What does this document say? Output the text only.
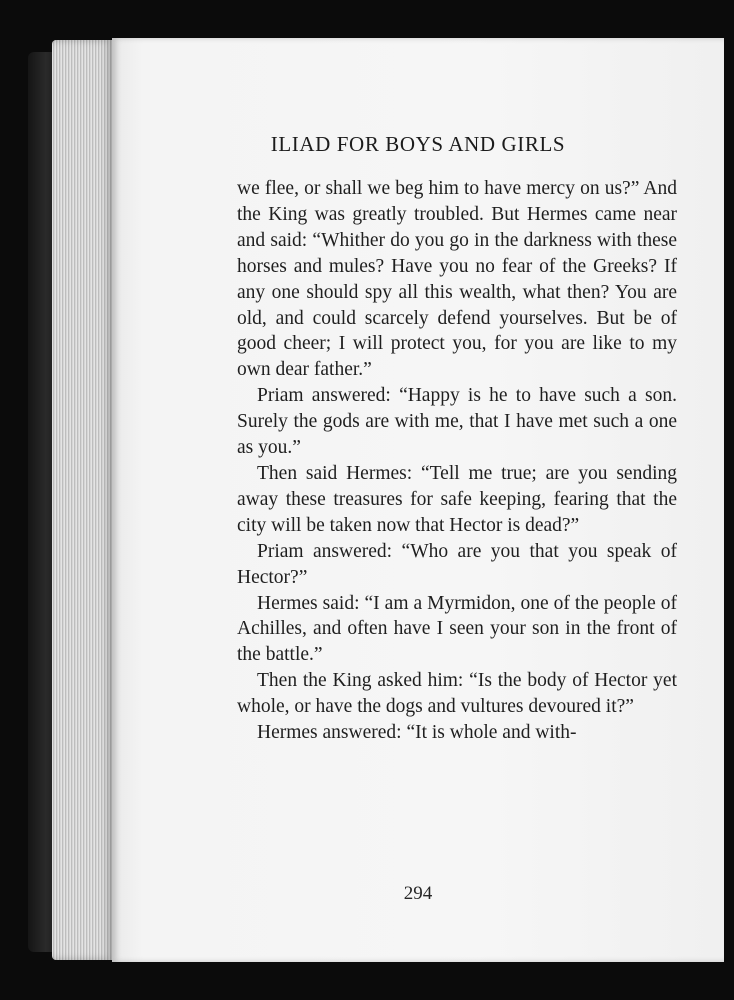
ILIAD FOR BOYS AND GIRLS

we flee, or shall we beg him to have mercy on us?” And the King was greatly troubled. But Hermes came near and said: “Whither do you go in the darkness with these horses and mules? Have you no fear of the Greeks? If any one should spy all this wealth, what then? You are old, and could scarcely defend yourselves. But be of good cheer; I will protect you, for you are like to my own dear father.”

Priam answered: “Happy is he to have such a son. Surely the gods are with me, that I have met such a one as you.”

Then said Hermes: “Tell me true; are you sending away these treasures for safe keeping, fearing that the city will be taken now that Hector is dead?”

Priam answered: “Who are you that you speak of Hector?”

Hermes said: “I am a Myrmidon, one of the people of Achilles, and often have I seen your son in the front of the battle.”

Then the King asked him: “Is the body of Hector yet whole, or have the dogs and vultures devoured it?”

Hermes answered: “It is whole and with-

294
